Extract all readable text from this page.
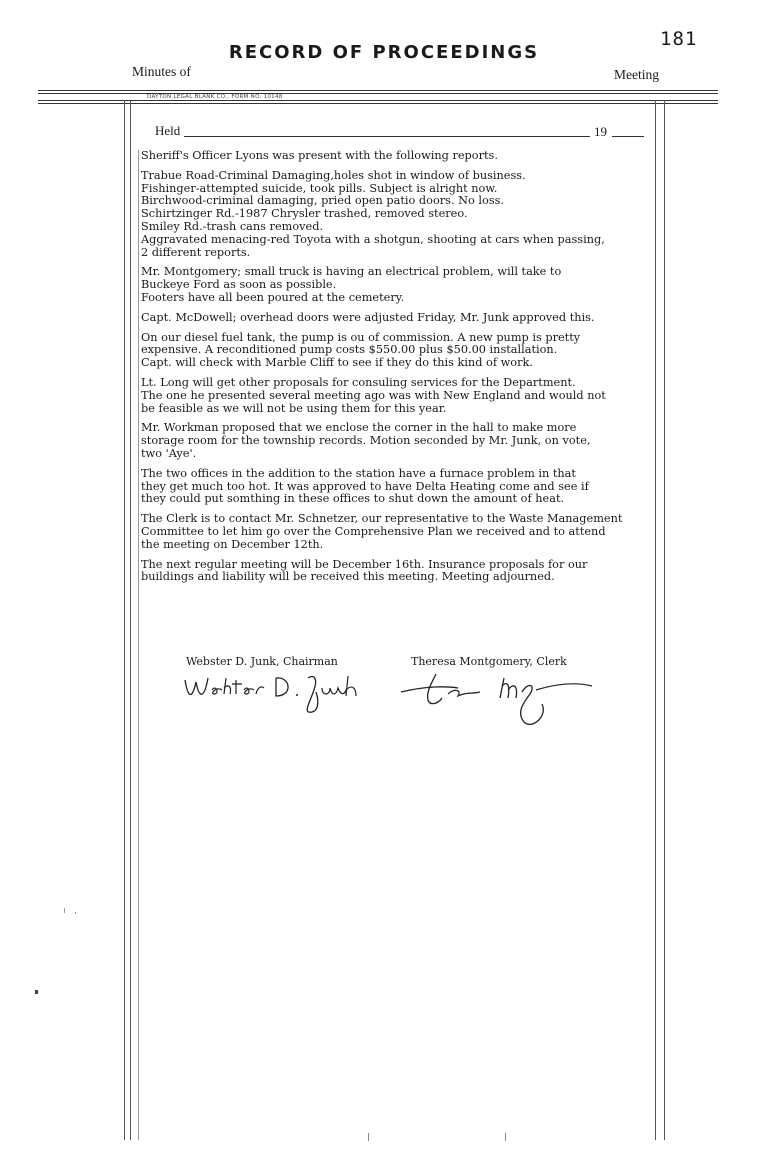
181
RECORD OF PROCEEDINGS
Minutes of	Meeting
DAYTON LEGAL BLANK CO., FORM NO. 10148
Held	19

Sheriff's Officer Lyons was present with the following reports.

Trabue Road-Criminal Damaging,holes shot in window of business.
Fishinger-attempted suicide, took pills. Subject is alright now.
Birchwood-criminal damaging, pried open patio doors. No loss.
Schirtzinger Rd.-1987 Chrysler trashed, removed stereo.
Smiley Rd.-trash cans removed.
Aggravated menacing-red Toyota with a shotgun, shooting at cars when passing,
2 different reports.

Mr. Montgomery; small truck is having an electrical problem, will take to
Buckeye Ford as soon as possible.
Footers have all been poured at the cemetery.

Capt. McDowell; overhead doors were adjusted Friday, Mr. Junk approved this.

On our diesel fuel tank, the pump is ou of commission. A new pump is pretty
expensive. A reconditioned pump costs $550.00 plus $50.00 installation.
Capt. will check with Marble Cliff to see if they do this kind of work.

Lt. Long will get other proposals for consuling services for the Department.
The one he presented several meeting ago was with New England and would not
be feasible as we will not be using them for this year.

Mr. Workman proposed that we enclose the corner in the hall to make more
storage room for the township records. Motion seconded by Mr. Junk, on vote,
two 'Aye'.

The two offices in the addition to the station have a furnace problem in that
they get much too hot. It was approved to have Delta Heating come and see if
they could put somthing in these offices to shut down the amount of heat.

The Clerk is to contact Mr. Schnetzer, our representative to the Waste Management
Committee to let him go over the Comprehensive Plan we received and to attend
the meeting on December 12th.

The next regular meeting will be December 16th. Insurance proposals for our
buildings and liability will be received this meeting. Meeting adjourned.

Webster D. Junk, Chairman	Theresa Montgomery, Clerk
